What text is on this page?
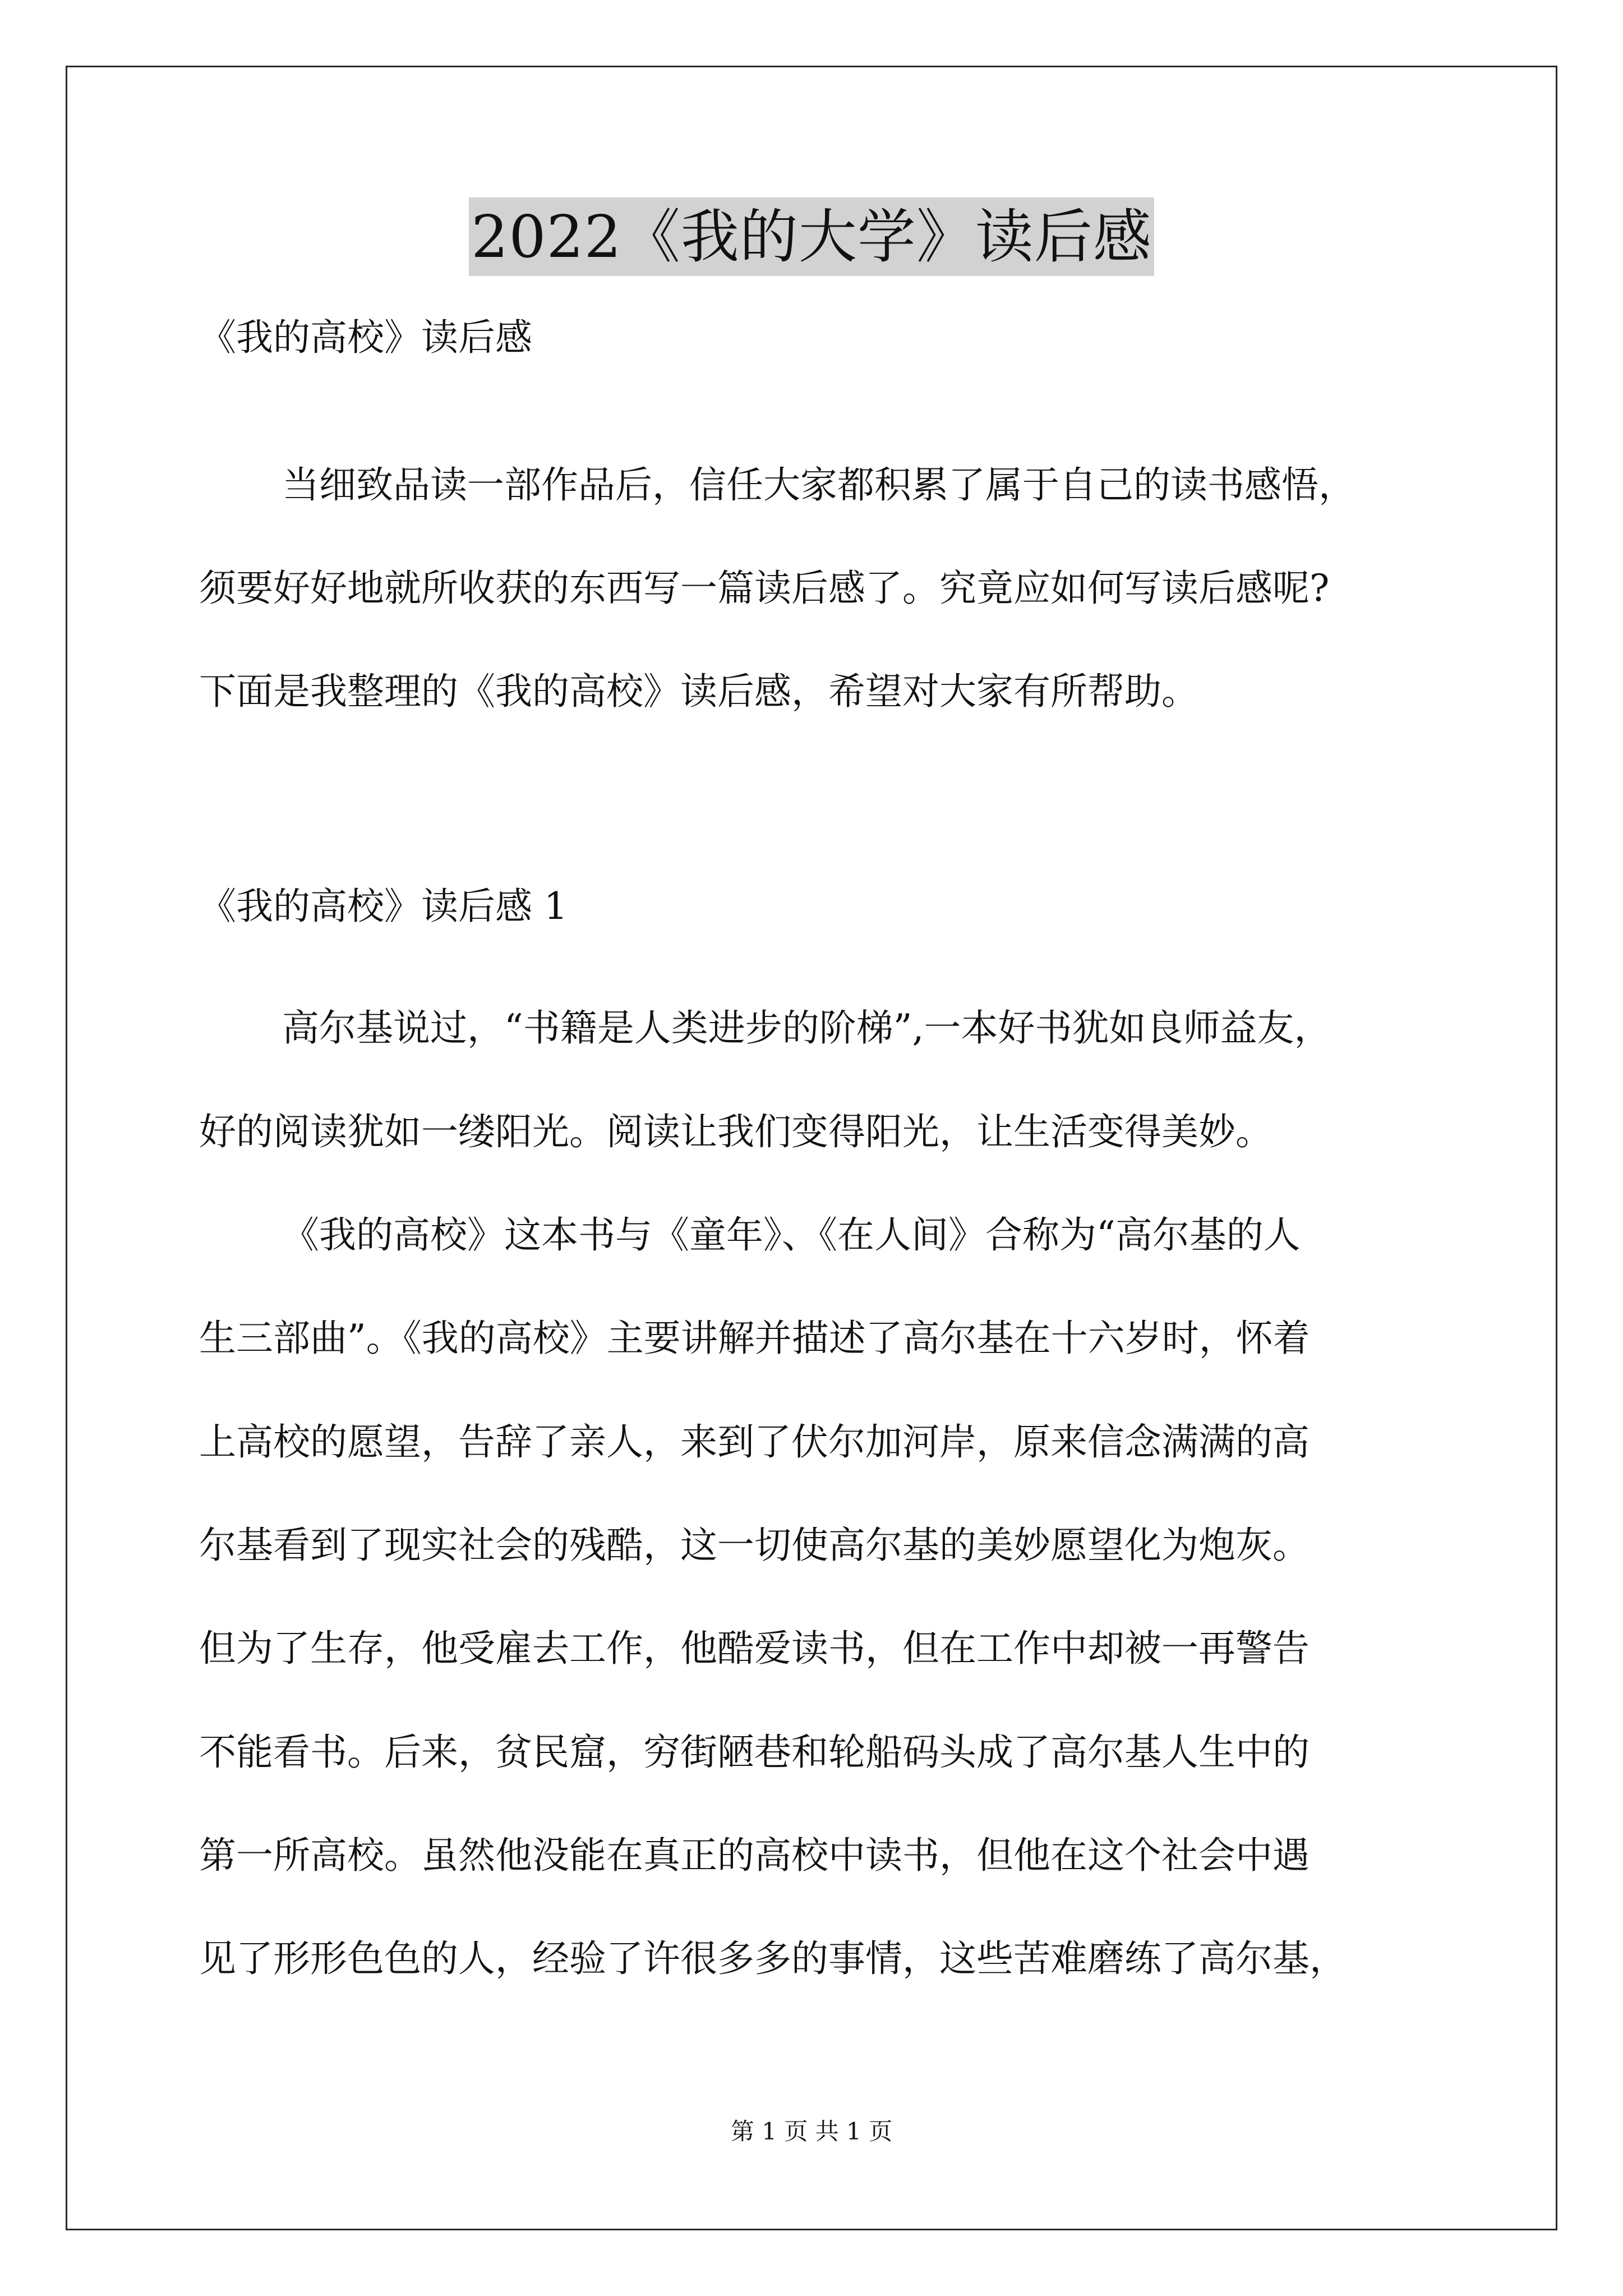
2022《我的大学》读后感
《我的高校》读后感
当细致品读一部作品后，信任大家都积累了属于自己的读书感悟，
须要好好地就所收获的东西写一篇读后感了。究竟应如何写读后感呢?
下面是我整理的《我的高校》读后感，希望对大家有所帮助。
《我的高校》读后感 1
高尔基说过，“书籍是人类进步的阶梯”,一本好书犹如良师益友，
好的阅读犹如一缕阳光。阅读让我们变得阳光，让生活变得美妙。
《我的高校》这本书与《童年》、《在人间》合称为“高尔基的人
生三部曲”。《我的高校》主要讲解并描述了高尔基在十六岁时，怀着
上高校的愿望，告辞了亲人，来到了伏尔加河岸，原来信念满满的高
尔基看到了现实社会的残酷，这一切使高尔基的美妙愿望化为炮灰。
但为了生存，他受雇去工作，他酷爱读书，但在工作中却被一再警告
不能看书。后来，贫民窟，穷街陋巷和轮船码头成了高尔基人生中的
第一所高校。虽然他没能在真正的高校中读书，但他在这个社会中遇
见了形形色色的人，经验了许很多多的事情，这些苦难磨练了高尔基，
第 1 页 共 1 页
